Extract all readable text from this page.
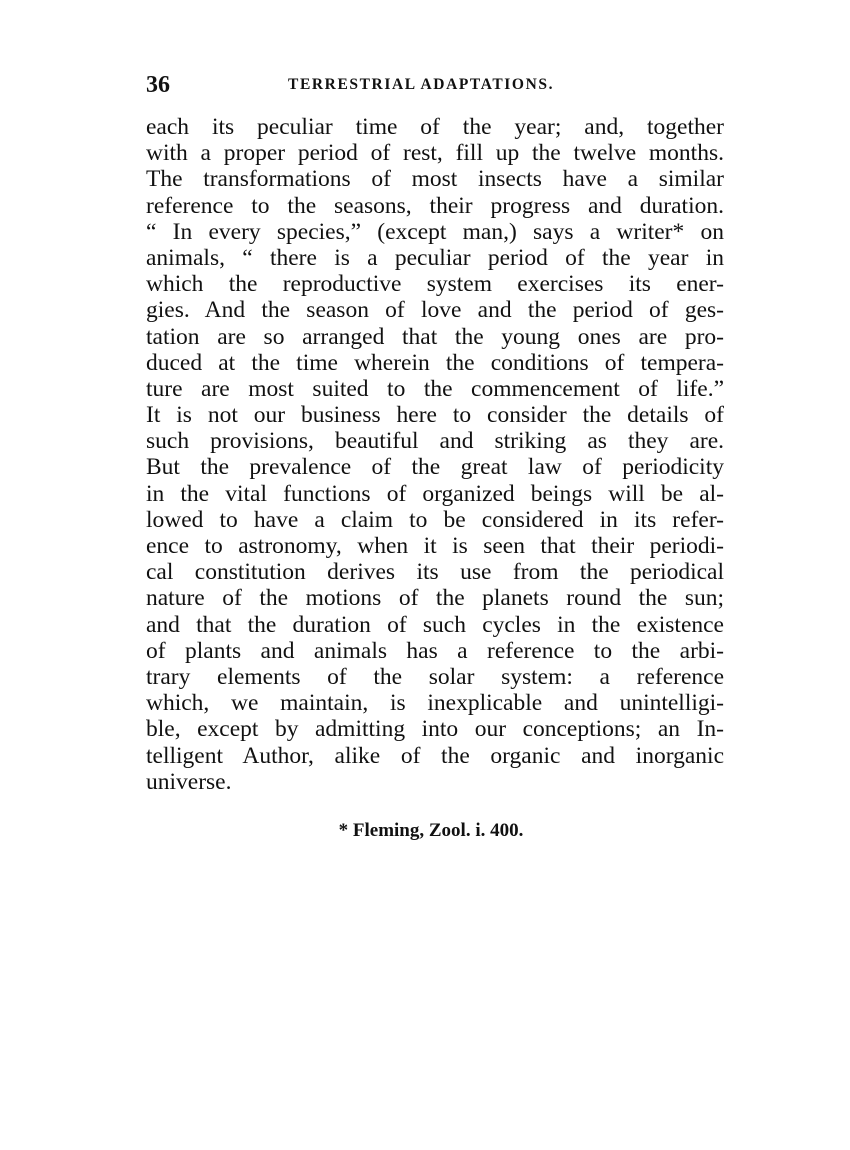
36	TERRESTRIAL ADAPTATIONS.
each its peculiar time of the year; and, together
with a proper period of rest, fill up the twelve months.
The transformations of most insects have a similar
reference to the seasons, their progress and duration.
“ In every species,” (except man,) says a writer* on
animals, “ there is a peculiar period of the year in
which the reproductive system exercises its ener-
gies. And the season of love and the period of ges-
tation are so arranged that the young ones are pro-
duced at the time wherein the conditions of tempera-
ture are most suited to the commencement of life.”
It is not our business here to consider the details of
such provisions, beautiful and striking as they are.
But the prevalence of the great law of periodicity
in the vital functions of organized beings will be al-
lowed to have a claim to be considered in its refer-
ence to astronomy, when it is seen that their periodi-
cal constitution derives its use from the periodical
nature of the motions of the planets round the sun;
and that the duration of such cycles in the existence
of plants and animals has a reference to the arbi-
trary elements of the solar system: a reference
which, we maintain, is inexplicable and unintelligi-
ble, except by admitting into our conceptions; an In-
telligent Author, alike of the organic and inorganic
universe.
* Fleming, Zool. i. 400.
